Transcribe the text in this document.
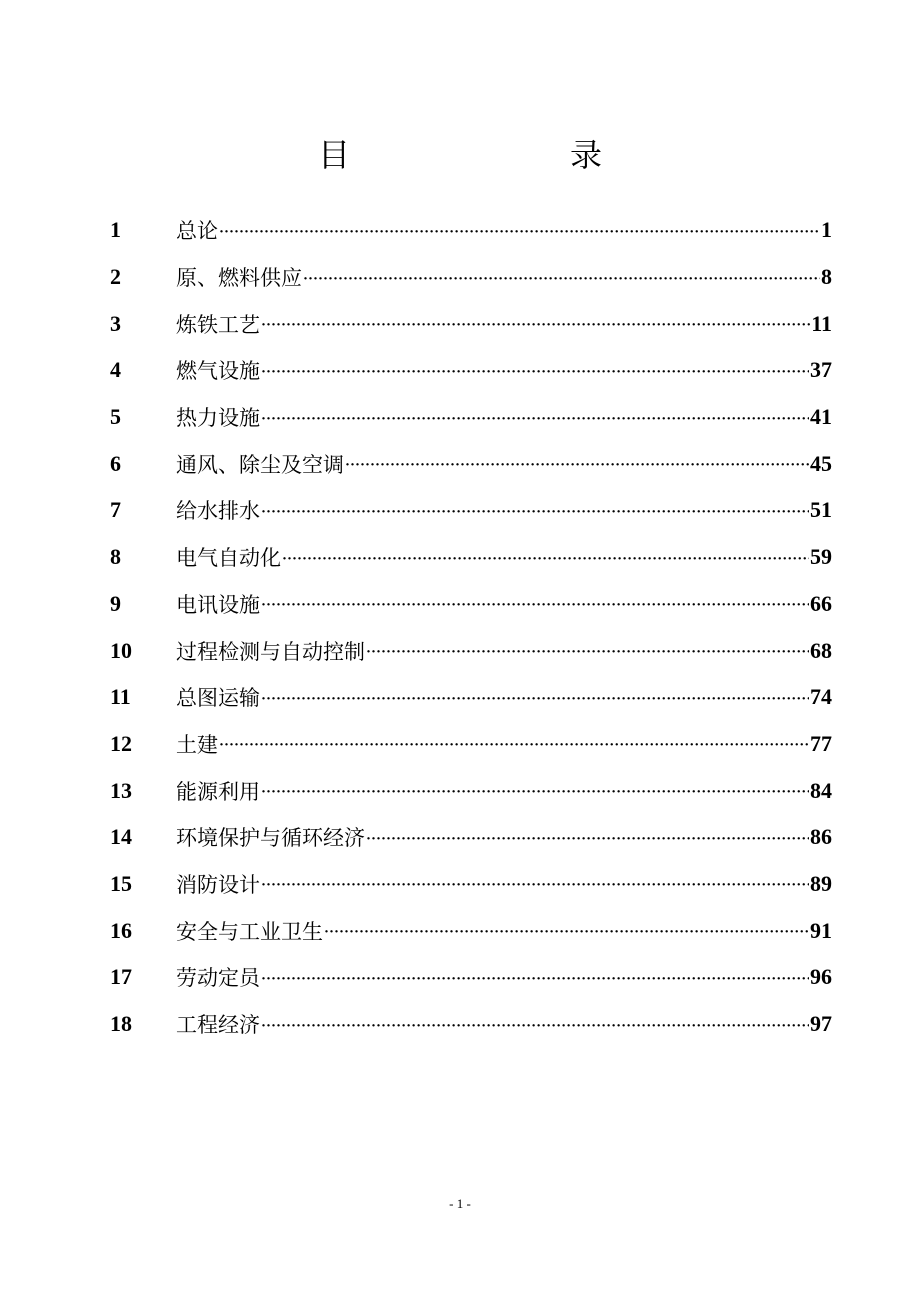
目　　录
1	总论 ·····	1
2	原、燃料供应 ·····	8
3	炼铁工艺 ·····	11
4	燃气设施 ·····	37
5	热力设施 ·····	41
6	通风、除尘及空调 ·····	45
7	给水排水 ·····	51
8	电气自动化 ·····	59
9	电讯设施 ·····	66
10	过程检测与自动控制 ·····	68
11	总图运输 ·····	74
12	土建 ·····	77
13	能源利用 ·····	84
14	环境保护与循环经济 ·····	86
15	消防设计 ·····	89
16	安全与工业卫生 ·····	91
17	劳动定员 ·····	96
18	工程经济 ·····	97
- 1 -
